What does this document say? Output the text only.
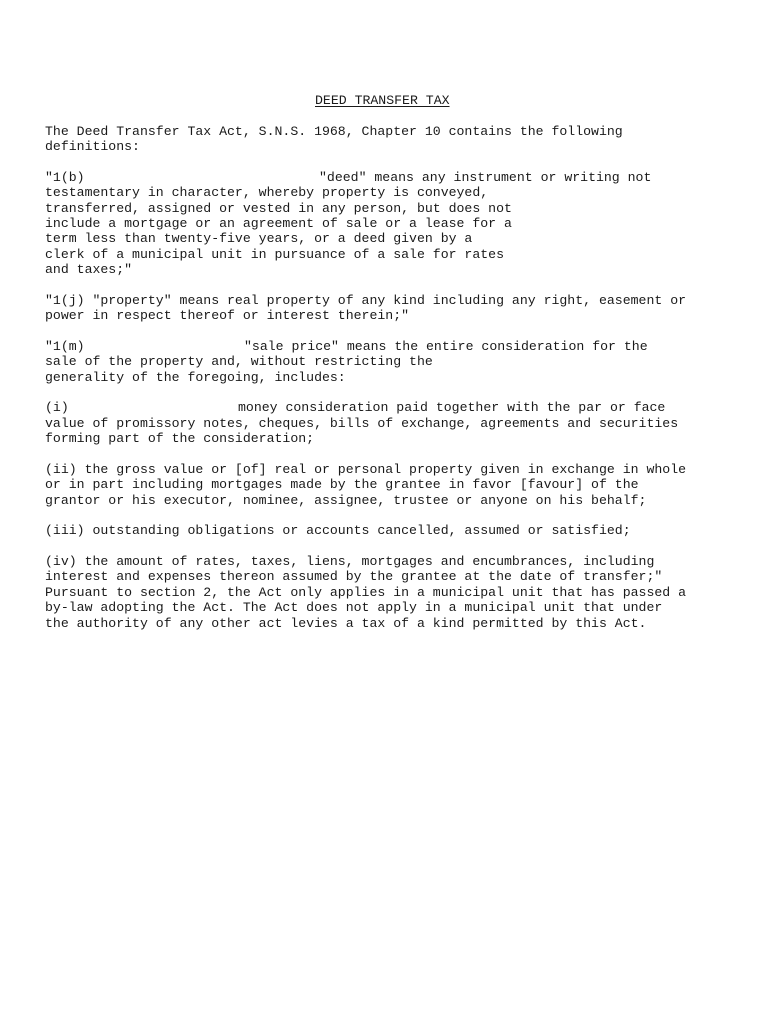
DEED TRANSFER TAX
The Deed Transfer Tax Act, S.N.S. 1968, Chapter 10 contains the following
definitions:
"1(b)	"deed" means any instrument or writing not
testamentary in character, whereby property is conveyed,
transferred, assigned or vested in any person, but does not
include a mortgage or an agreement of sale or a lease for a
term less than twenty-five years, or a deed given by a
clerk of a municipal unit in pursuance of a sale for rates
and taxes;"
"1(j) "property" means real property of any kind including any right, easement or
power in respect thereof or interest therein;"
"1(m)	"sale price" means the entire consideration for the
sale of the property and, without restricting the
generality of the foregoing, includes:
(i)	money consideration paid together with the par or face
value of promissory notes, cheques, bills of exchange, agreements and securities
forming part of the consideration;
(ii) the gross value or [of] real or personal property given in exchange in whole
or in part including mortgages made by the grantee in favor [favour] of the
grantor or his executor, nominee, assignee, trustee or anyone on his behalf;
(iii) outstanding obligations or accounts cancelled, assumed or satisfied;
(iv) the amount of rates, taxes, liens, mortgages and encumbrances, including
interest and expenses thereon assumed by the grantee at the date of transfer;"
Pursuant to section 2, the Act only applies in a municipal unit that has passed a
by-law adopting the Act. The Act does not apply in a municipal unit that under
the authority of any other act levies a tax of a kind permitted by this Act.
